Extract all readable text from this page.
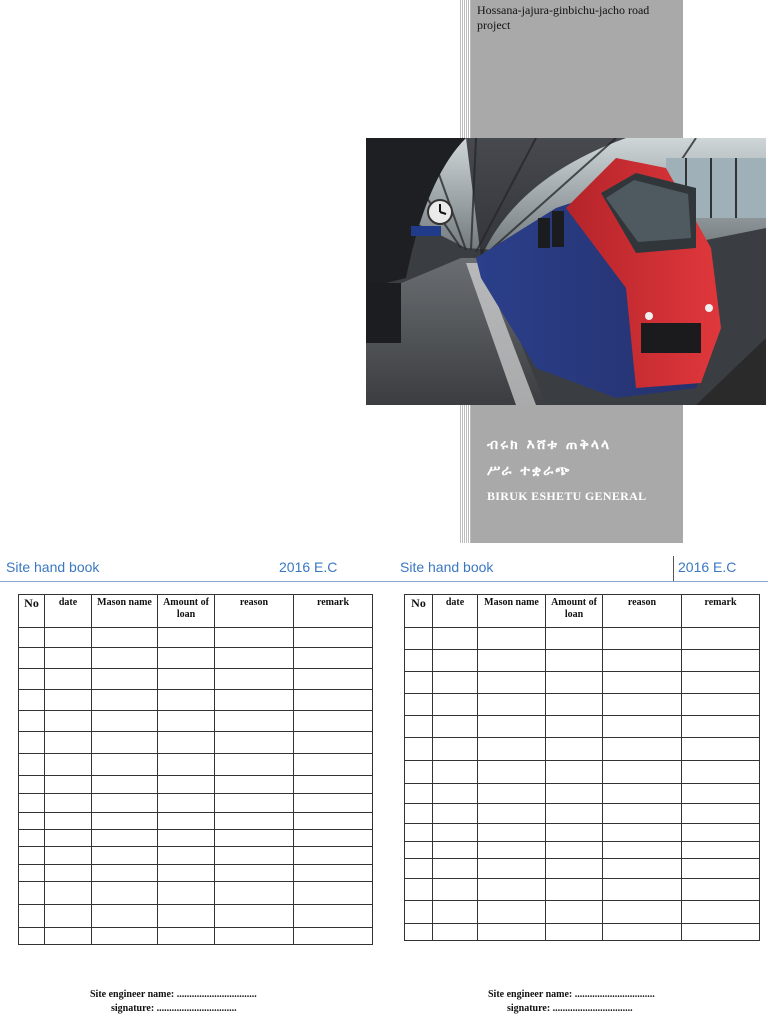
Hossana-jajura-ginbichu-jacho road project
ብሩክ እሸቱ ጠቅላላ
ሥራ ተቋራጭ
BIRUK ESHETU GENERAL
Site hand book	2016 E.C	Site hand book	2016 E.C
No	date	Mason name	Amount of loan	reason	remark

						No	date	Mason name	Amount of loan	reason	remark

Site engineer name: ................................
signature: ................................
Site engineer name: ................................
signature: ................................
